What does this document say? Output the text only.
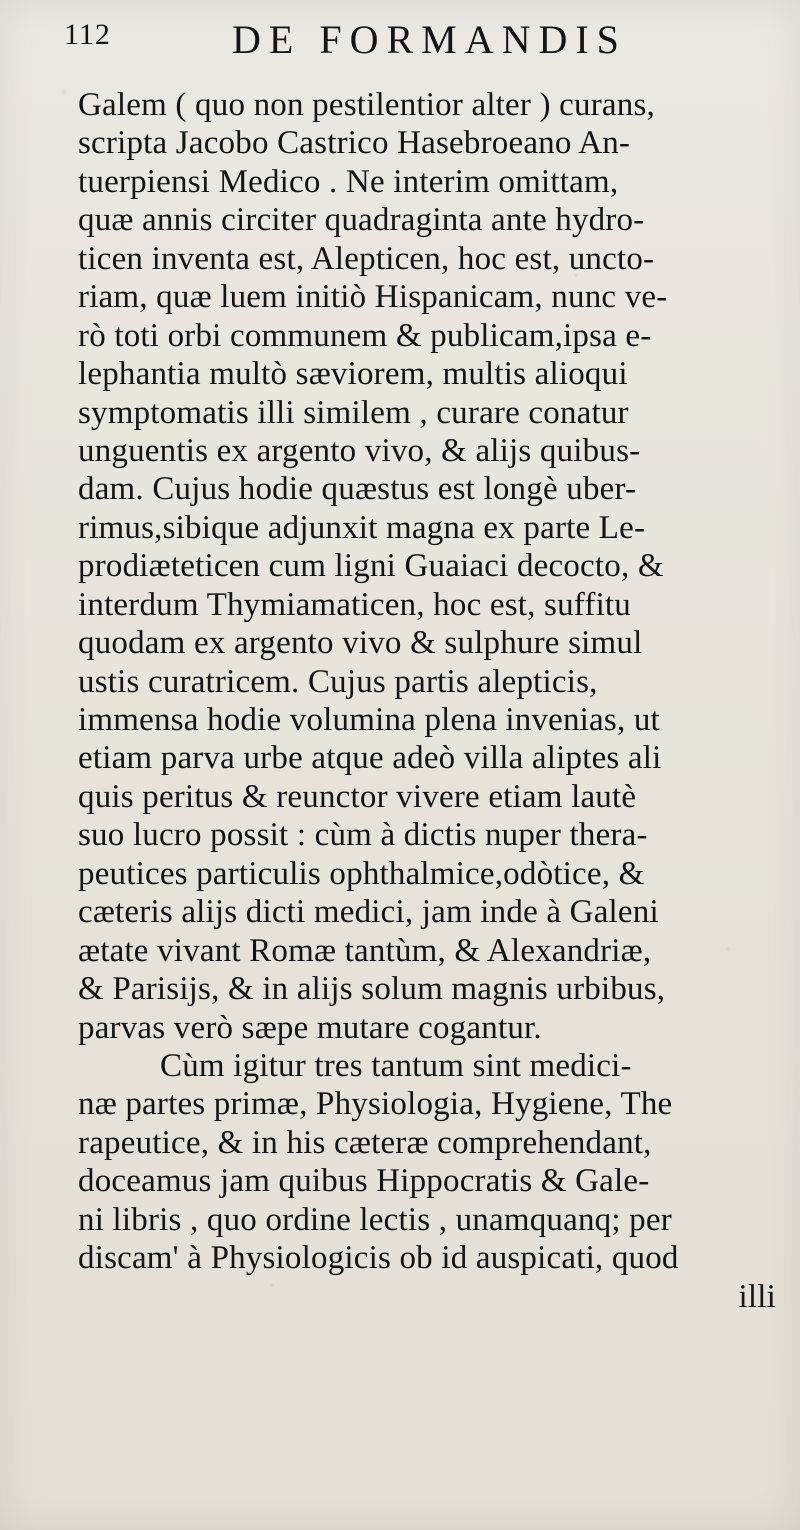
112	DE FORMANDIS
Galem ( quo non pestilentior alter ) curans,
scripta Jacobo Castrico Hasebroeano An-
tuerpiensi Medico . Ne interim omittam,
quæ annis circiter quadraginta ante hydro-
ticen inventa est, Alepticen, hoc est, uncto-
riam, quæ luem initiò Hispanicam, nunc ve-
rò toti orbi communem & publicam,ipsa e-
lephantia multò sæviorem, multis alioqui
symptomatis illi similem , curare conatur
unguentis ex argento vivo, & alijs quibus-
dam. Cujus hodie quæstus est longè uber-
rimus,sibique adjunxit magna ex parte Le-
prodiæteticen cum ligni Guaiaci decocto, &
interdum Thymiamaticen, hoc est, suffitu
quodam ex argento vivo & sulphure simul
ustis curatricem. Cujus partis alepticis,
immensa hodie volumina plena invenias, ut
etiam parva urbe atque adeò villa aliptes ali
quis peritus & reunctor vivere etiam lautè
suo lucro possit : cùm à dictis nuper thera-
peutices particulis ophthalmice,odòtice, &
cæteris alijs dicti medici, jam inde à Galeni
ætate vivant Romæ tantùm, & Alexandriæ,
& Parisijs, & in alijs solum magnis urbibus,
parvas verò sæpe mutare cogantur.
Cùm igitur tres tantum sint medici-
næ partes primæ, Physiologia, Hygiene, The
rapeutice, & in his cæteræ comprehendant,
doceamus jam quibus Hippocratis & Gale-
ni libris , quo ordine lectis , unamquanq; per
discam' à Physiologicis ob id auspicati, quod
illi
